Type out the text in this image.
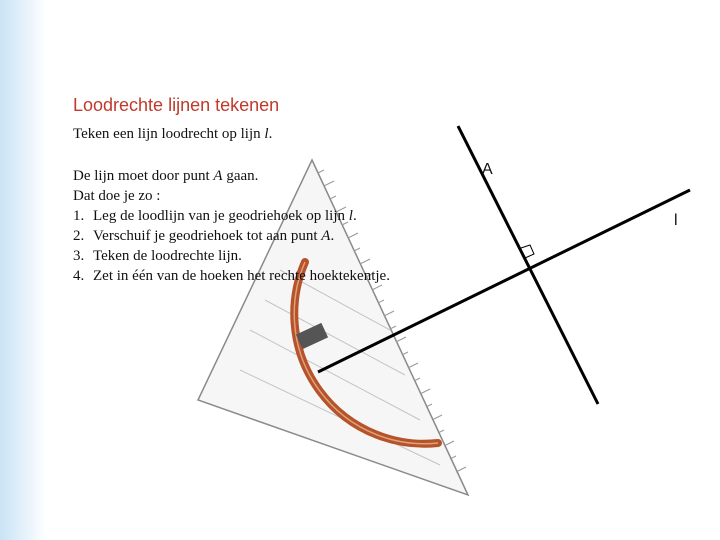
A
l
Loodrechte lijnen tekenen

Teken een lijn loodrecht op lijn l.

De lijn moet door punt A gaan.

Dat doe je zo :

1. Leg de loodlijn van je geodriehoek op lijn l.
2. Verschuif je geodriehoek tot aan punt A.
3. Teken de loodrechte lijn.
4. Zet in één van de hoeken het rechte hoektekentje.
